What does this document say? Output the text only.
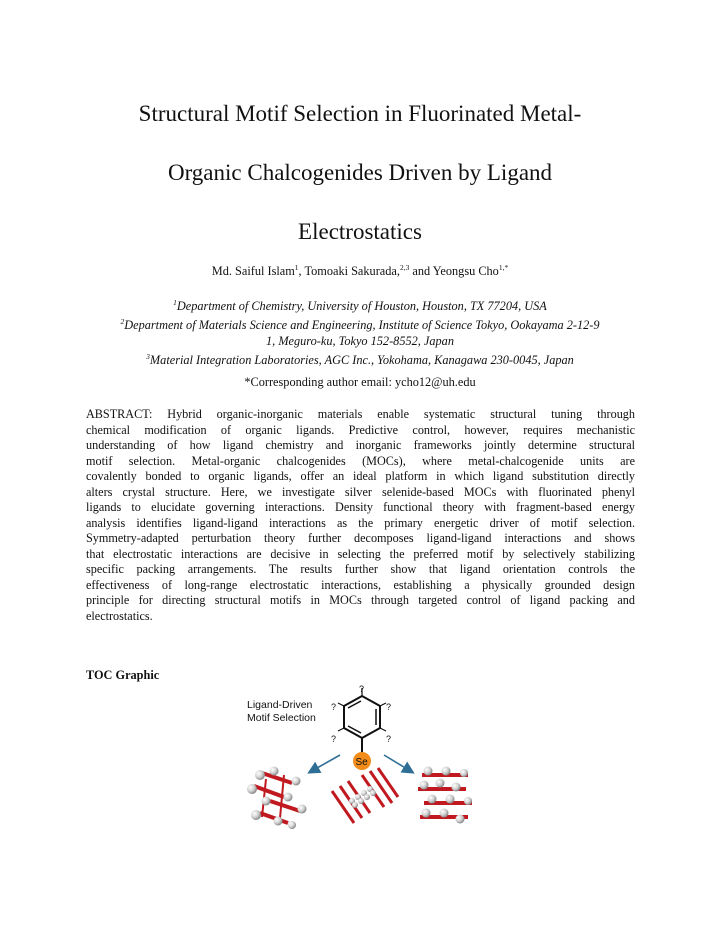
Structural Motif Selection in Fluorinated Metal-
Organic Chalcogenides Driven by Ligand
Electrostatics
Md. Saiful Islam$^1$, Tomoaki Sakurada,$^{2,3}$ and Yeongsu Cho$^{1,*}$
$^1$Department of Chemistry, University of Houston, Houston, TX 77204, USA
$^2$Department of Materials Science and Engineering, Institute of Science Tokyo, Ookayama 2-12-9
1, Meguro-ku, Tokyo 152-8552, Japan
$^3$Material Integration Laboratories, AGC Inc., Yokohama, Kanagawa 230-0045, Japan
*Corresponding author email: ycho12@uh.edu
ABSTRACT: Hybrid organic-inorganic materials enable systematic structural tuning through
chemical modification of organic ligands. Predictive control, however, requires mechanistic
understanding of how ligand chemistry and inorganic frameworks jointly determine structural
motif selection. Metal-organic chalcogenides (MOCs), where metal-chalcogenide units are
covalently bonded to organic ligands, offer an ideal platform in which ligand substitution directly
alters crystal structure. Here, we investigate silver selenide-based MOCs with fluorinated phenyl
ligands to elucidate governing interactions. Density functional theory with fragment-based energy
analysis identifies ligand-ligand interactions as the primary energetic driver of motif selection.
Symmetry-adapted perturbation theory further decomposes ligand-ligand interactions and shows
that electrostatic interactions are decisive in selecting the preferred motif by selectively stabilizing
specific packing arrangements. The results further show that ligand orientation controls the
effectiveness of long-range electrostatic interactions, establishing a physically grounded design
principle for directing structural motifs in MOCs through targeted control of ligand packing and
electrostatics.
TOC Graphic
Ligand-Driven
Motif Selection
?
?
?
?
?
Se
